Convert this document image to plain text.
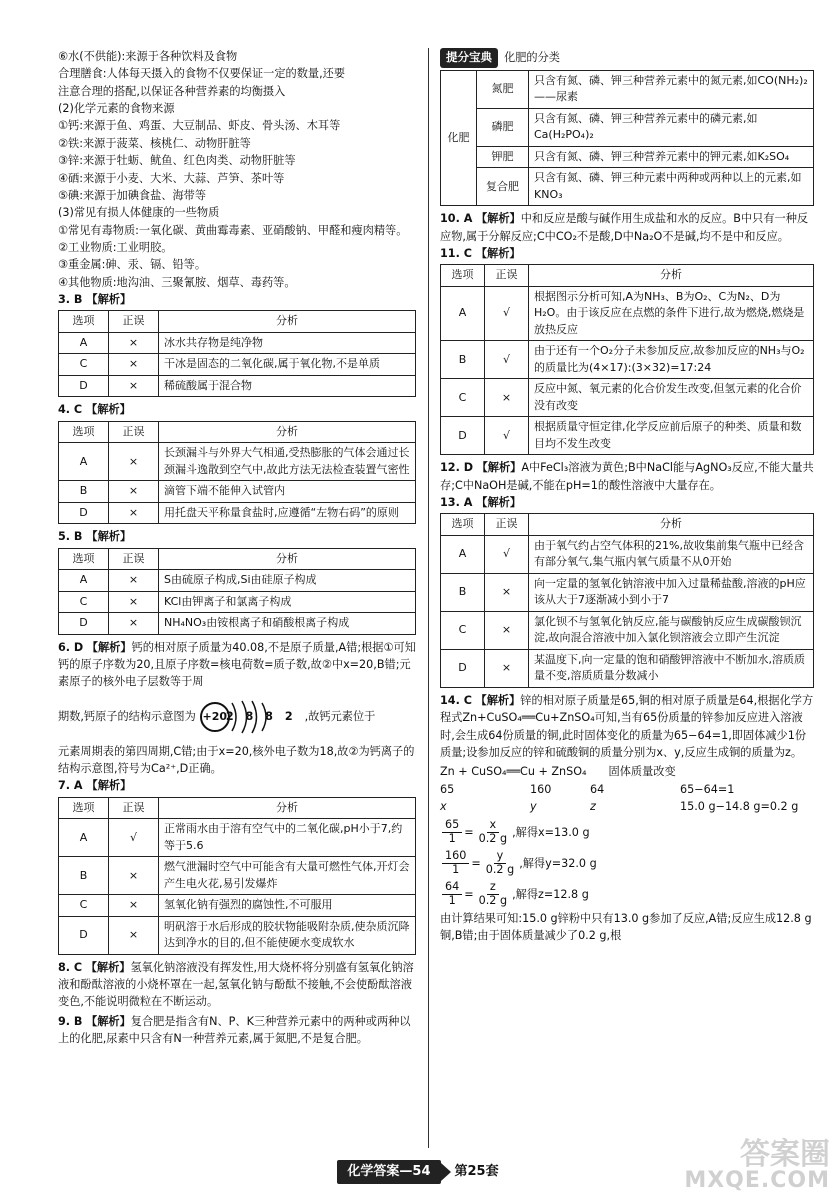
⑥水(不供能):来源于各种饮料及食物

合理膳食:人体每天摄入的食物不仅要保证一定的数量,还要

注意合理的搭配,以保证各种营养素的均衡摄入

(2)化学元素的食物来源

①钙:来源于鱼、鸡蛋、大豆制品、虾皮、骨头汤、木耳等

②铁:来源于菠菜、核桃仁、动物肝脏等

③锌:来源于牡蛎、鱿鱼、红色肉类、动物肝脏等

④硒:来源于小麦、大米、大蒜、芦笋、茶叶等

⑤碘:来源于加碘食盐、海带等

(3)常见有损人体健康的一些物质

①常见有毒物质:一氧化碳、黄曲霉毒素、亚硝酸钠、甲醛和瘦肉精等。

②工业物质:工业明胶。

③重金属:砷、汞、镉、铅等。

④其他物质:地沟油、三聚氰胺、烟草、毒药等。

3. B 【解析】

选项	正误	分析
A	×	冰水共存物是纯净物
C	×	干冰是固态的二氧化碳,属于氧化物,不是单质
D	×	稀硫酸属于混合物

4. C 【解析】

选项	正误	分析
A	×	长颈漏斗与外界大气相通,受热膨胀的气体会通过长颈漏斗逸散到空气中,故此方法无法检查装置气密性
B	×	滴管下端不能伸入试管内
D	×	用托盘天平称量食盐时,应遵循“左物右码”的原则

5. B 【解析】

选项	正误	分析
A	×	S由硫原子构成,Si由硅原子构成
C	×	KCl由钾离子和氯离子构成
D	×	NH₄NO₃由铵根离子和硝酸根离子构成

6. D 【解析】钙的相对原子质量为40.08,不是原子质量,A错;根据①可知钙的原子序数为20,且原子序数=核电荷数=质子数,故②中x=20,B错;元素原子的核外电子层数等于周

期数,钙原子的结构示意图为 +20
2 8 8 2 ,故钙元素位于

元素周期表的第四周期,C错;由于x=20,核外电子数为18,故②为钙离子的结构示意图,符号为Ca²⁺,D正确。

7. A 【解析】

选项	正误	分析
A	√	正常雨水由于溶有空气中的二氧化碳,pH小于7,约等于5.6
B	×	燃气泄漏时空气中可能含有大量可燃性气体,开灯会产生电火花,易引发爆炸
C	×	氢氧化钠有强烈的腐蚀性,不可服用
D	×	明矾溶于水后形成的胶状物能吸附杂质,使杂质沉降达到净水的目的,但不能使硬水变成软水

8. C 【解析】氢氧化钠溶液没有挥发性,用大烧杯将分别盛有氢氧化钠溶液和酚酞溶液的小烧杯罩在一起,氢氧化钠与酚酞不接触,不会使酚酞溶液变色,不能说明微粒在不断运动。

9. B 【解析】复合肥是指含有N、P、K三种营养元素中的两种或两种以上的化肥,尿素中只含有N一种营养元素,属于氮肥,不是复合肥。

提分宝典 化肥的分类

化肥	氮肥	只含有氮、磷、钾三种营养元素中的氮元素,如CO(NH₂)₂——尿素
	磷肥	只含有氮、磷、钾三种营养元素中的磷元素,如Ca(H₂PO₄)₂
	钾肥	只含有氮、磷、钾三种营养元素中的钾元素,如K₂SO₄
	复合肥	只含有氮、磷、钾三种元素中两种或两种以上的元素,如KNO₃

10. A 【解析】中和反应是酸与碱作用生成盐和水的反应。B中只有一种反应物,属于分解反应;C中CO₂不是酸,D中Na₂O不是碱,均不是中和反应。

11. C 【解析】

选项	正误	分析
A	√	根据图示分析可知,A为NH₃、B为O₂、C为N₂、D为H₂O。由于该反应在点燃的条件下进行,故为燃烧,燃烧是放热反应
B	√	由于还有一个O₂分子未参加反应,故参加反应的NH₃与O₂的质量比为(4×17):(3×32)=17:24
C	×	反应中氮、氧元素的化合价发生改变,但氢元素的化合价没有改变
D	√	根据质量守恒定律,化学反应前后原子的种类、质量和数目均不发生改变

12. D 【解析】A中FeCl₃溶液为黄色;B中NaCl能与AgNO₃反应,不能大量共存;C中NaOH是碱,不能在pH=1的酸性溶液中大量存在。

13. A 【解析】

选项	正误	分析
A	√	由于氧气约占空气体积的21%,故收集前集气瓶中已经含有部分氧气,集气瓶内氧气质量不从0开始
B	×	向一定量的氢氧化钠溶液中加入过量稀盐酸,溶液的pH应该从大于7逐渐减小到小于7
C	×	氯化钡不与氢氧化钠反应,能与碳酸钠反应生成碳酸钡沉淀,故向混合溶液中加入氯化钡溶液会立即产生沉淀
D	×	某温度下,向一定量的饱和硝酸钾溶液中不断加水,溶质质量不变,溶质质量分数减小

14. C 【解析】锌的相对原子质量是65,铜的相对原子质量是64,根据化学方程式Zn+CuSO₄══Cu+ZnSO₄可知,当有65份质量的锌参加反应进入溶液时,会生成64份质量的铜,此时固体变化的质量为65−64=1,即固体减少1份质量;设参加反应的锌和硫酸铜的质量分别为x、y,反应生成铜的质量为z。

Zn + CuSO₄══Cu + ZnSO₄ 固体质量改变
65	160	64	65−64=1
x	y	z	15.0 g−14.8 g=0.2 g
$\frac{65}{1} = \frac{x}{0.2 g}$ ,解得x=13.0 g
$\frac{160}{1} = \frac{y}{0.2 g}$ ,解得y=32.0 g
$\frac{64}{1} = \frac{z}{0.2 g}$ ,解得z=12.8 g

由计算结果可知:15.0 g锌粉中只有13.0 g参加了反应,A错;反应生成12.8 g铜,B错;由于固体质量减少了0.2 g,根

化学答案—54	第25套	答案圈
MXQE.COM
